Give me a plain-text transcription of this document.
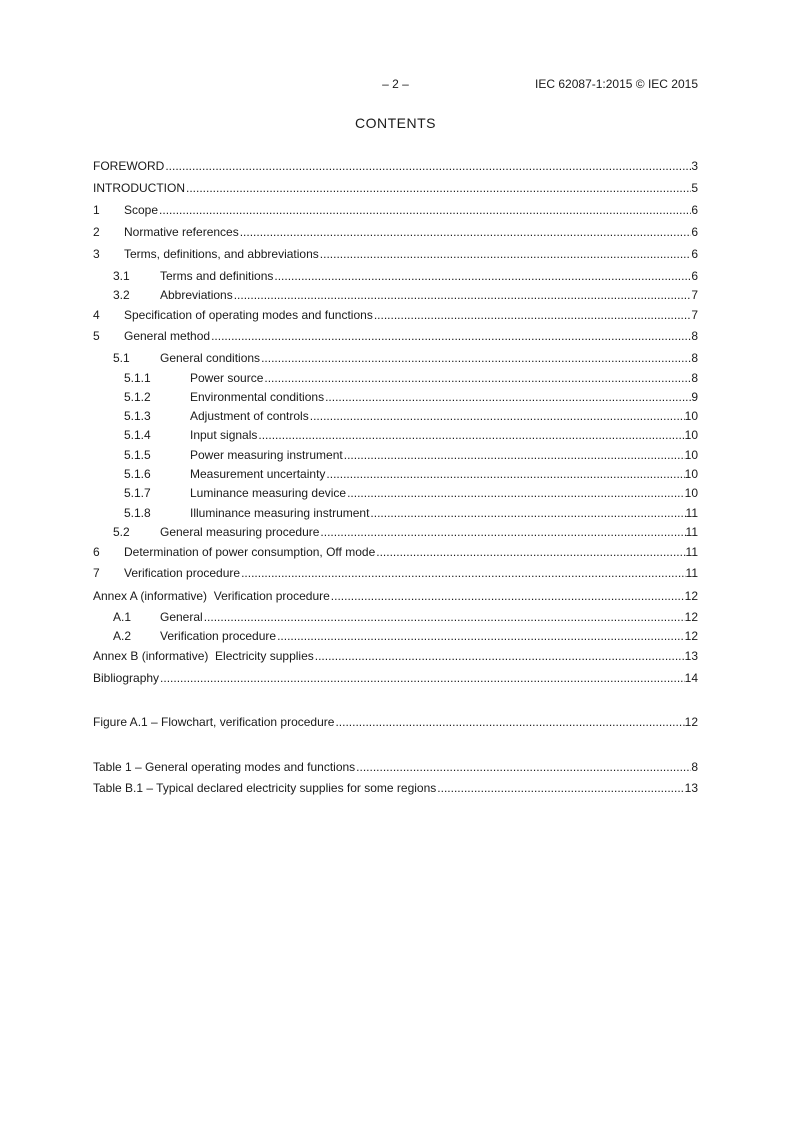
– 2 –	IEC 62087-1:2015 © IEC 2015
CONTENTS
FOREWORD .....	3
INTRODUCTION .....	5
1	Scope .....	6
2	Normative references .....	6
3	Terms, definitions, and abbreviations .....	6
3.1	Terms and definitions .....	6
3.2	Abbreviations .....	7
4	Specification of operating modes and functions .....	7
5	General method .....	8
5.1	General conditions .....	8
5.1.1	Power source .....	8
5.1.2	Environmental conditions .....	9
5.1.3	Adjustment of controls .....	10
5.1.4	Input signals .....	10
5.1.5	Power measuring instrument .....	10
5.1.6	Measurement uncertainty .....	10
5.1.7	Luminance measuring device .....	10
5.1.8	Illuminance measuring instrument .....	11
5.2	General measuring procedure .....	11
6	Determination of power consumption, Off mode .....	11
7	Verification procedure .....	11
Annex A (informative)  Verification procedure .....	12
A.1	General .....	12
A.2	Verification procedure .....	12
Annex B (informative)  Electricity supplies .....	13
Bibliography .....	14
Figure A.1 – Flowchart, verification procedure .....	12
Table 1 – General operating modes and functions .....	8
Table B.1 – Typical declared electricity supplies for some regions .....	13
